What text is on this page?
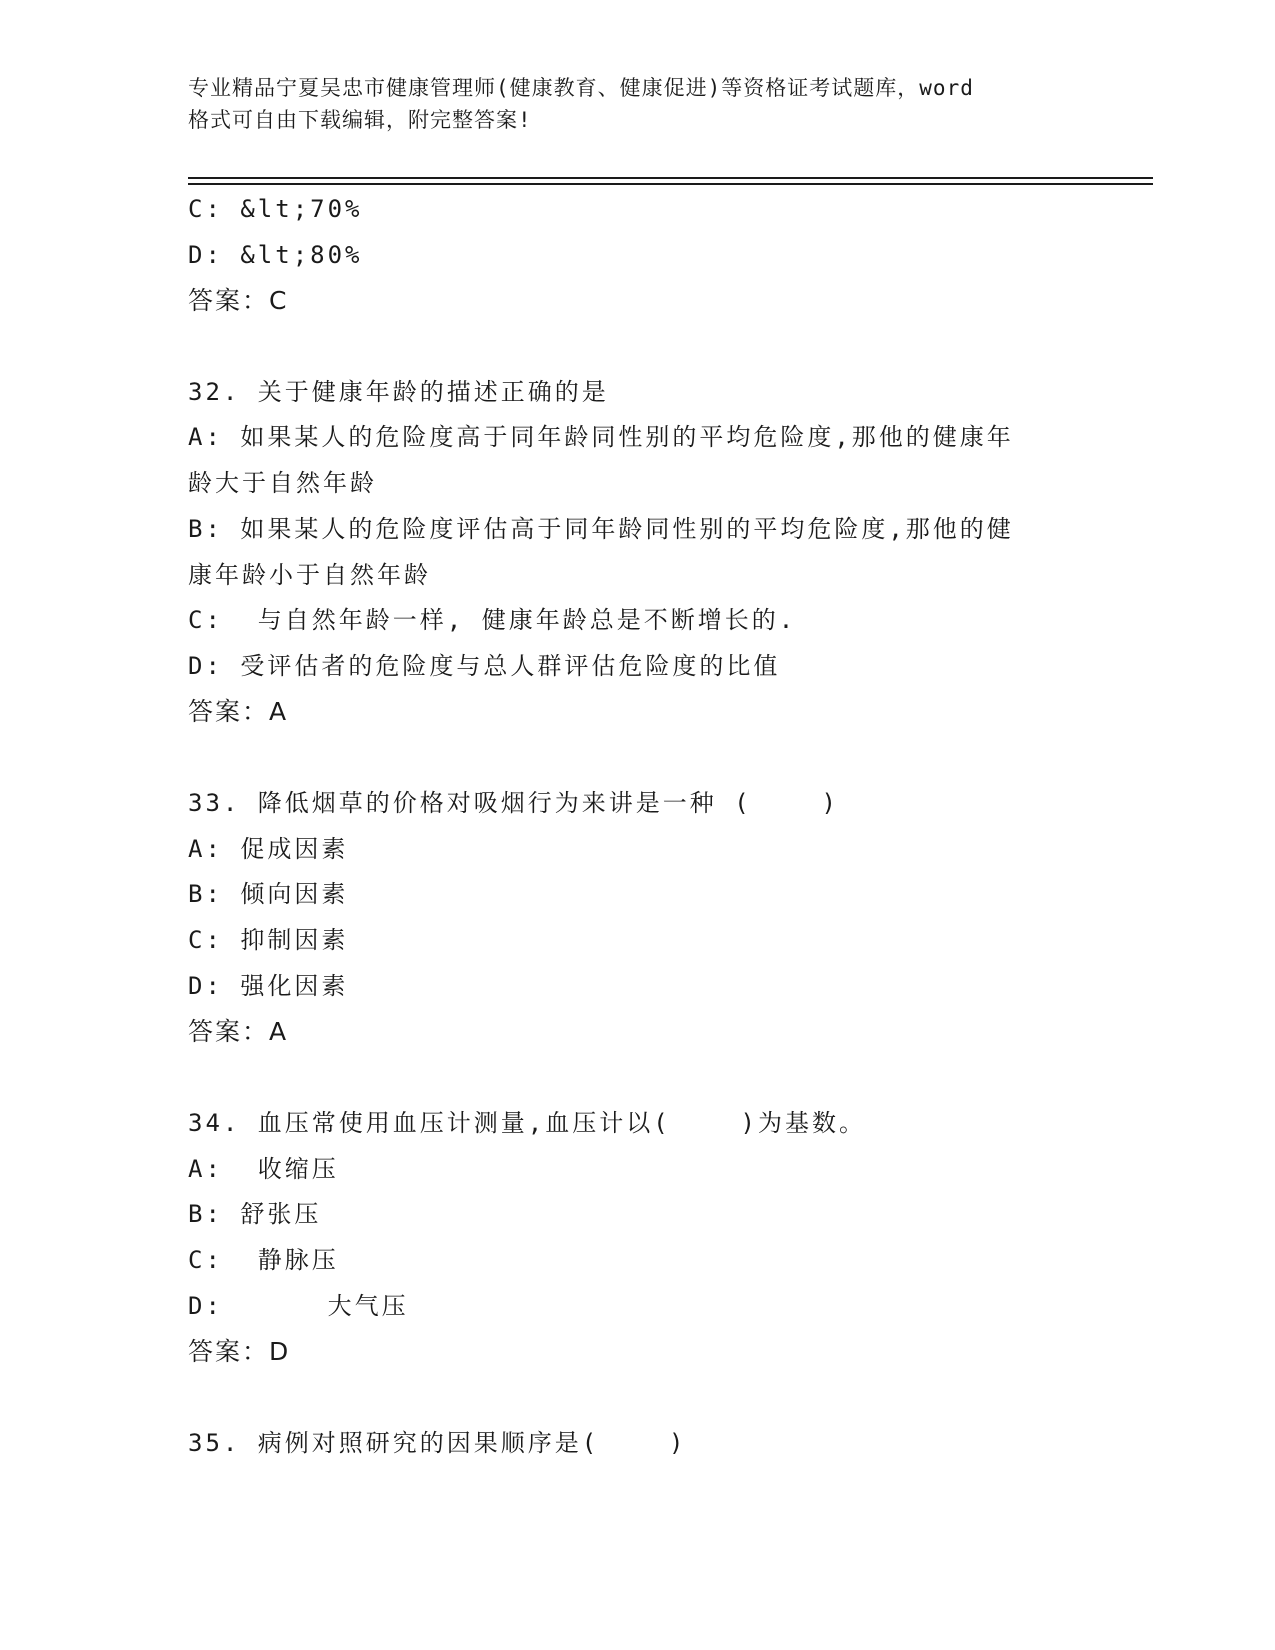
专业精品宁夏吴忠市健康管理师(健康教育、健康促进)等资格证考试题库，word
格式可自由下载编辑，附完整答案!
C: &lt;70%
D: &lt;80%
答案：C
32. 关于健康年龄的描述正确的是
A: 如果某人的危险度高于同年龄同性别的平均危险度,那他的健康年
龄大于自然年龄
B: 如果某人的危险度评估高于同年龄同性别的平均危险度,那他的健
康年龄小于自然年龄
C:  与自然年龄一样, 健康年龄总是不断增长的.
D: 受评估者的危险度与总人群评估危险度的比值
答案：A
33. 降低烟草的价格对吸烟行为来讲是一种 (    )
A: 促成因素
B: 倾向因素
C: 抑制因素
D: 强化因素
答案：A
34. 血压常使用血压计测量,血压计以(    )为基数。
A:  收缩压
B: 舒张压
C:  静脉压
D:      大气压
答案：D
35. 病例对照研究的因果顺序是(    )
